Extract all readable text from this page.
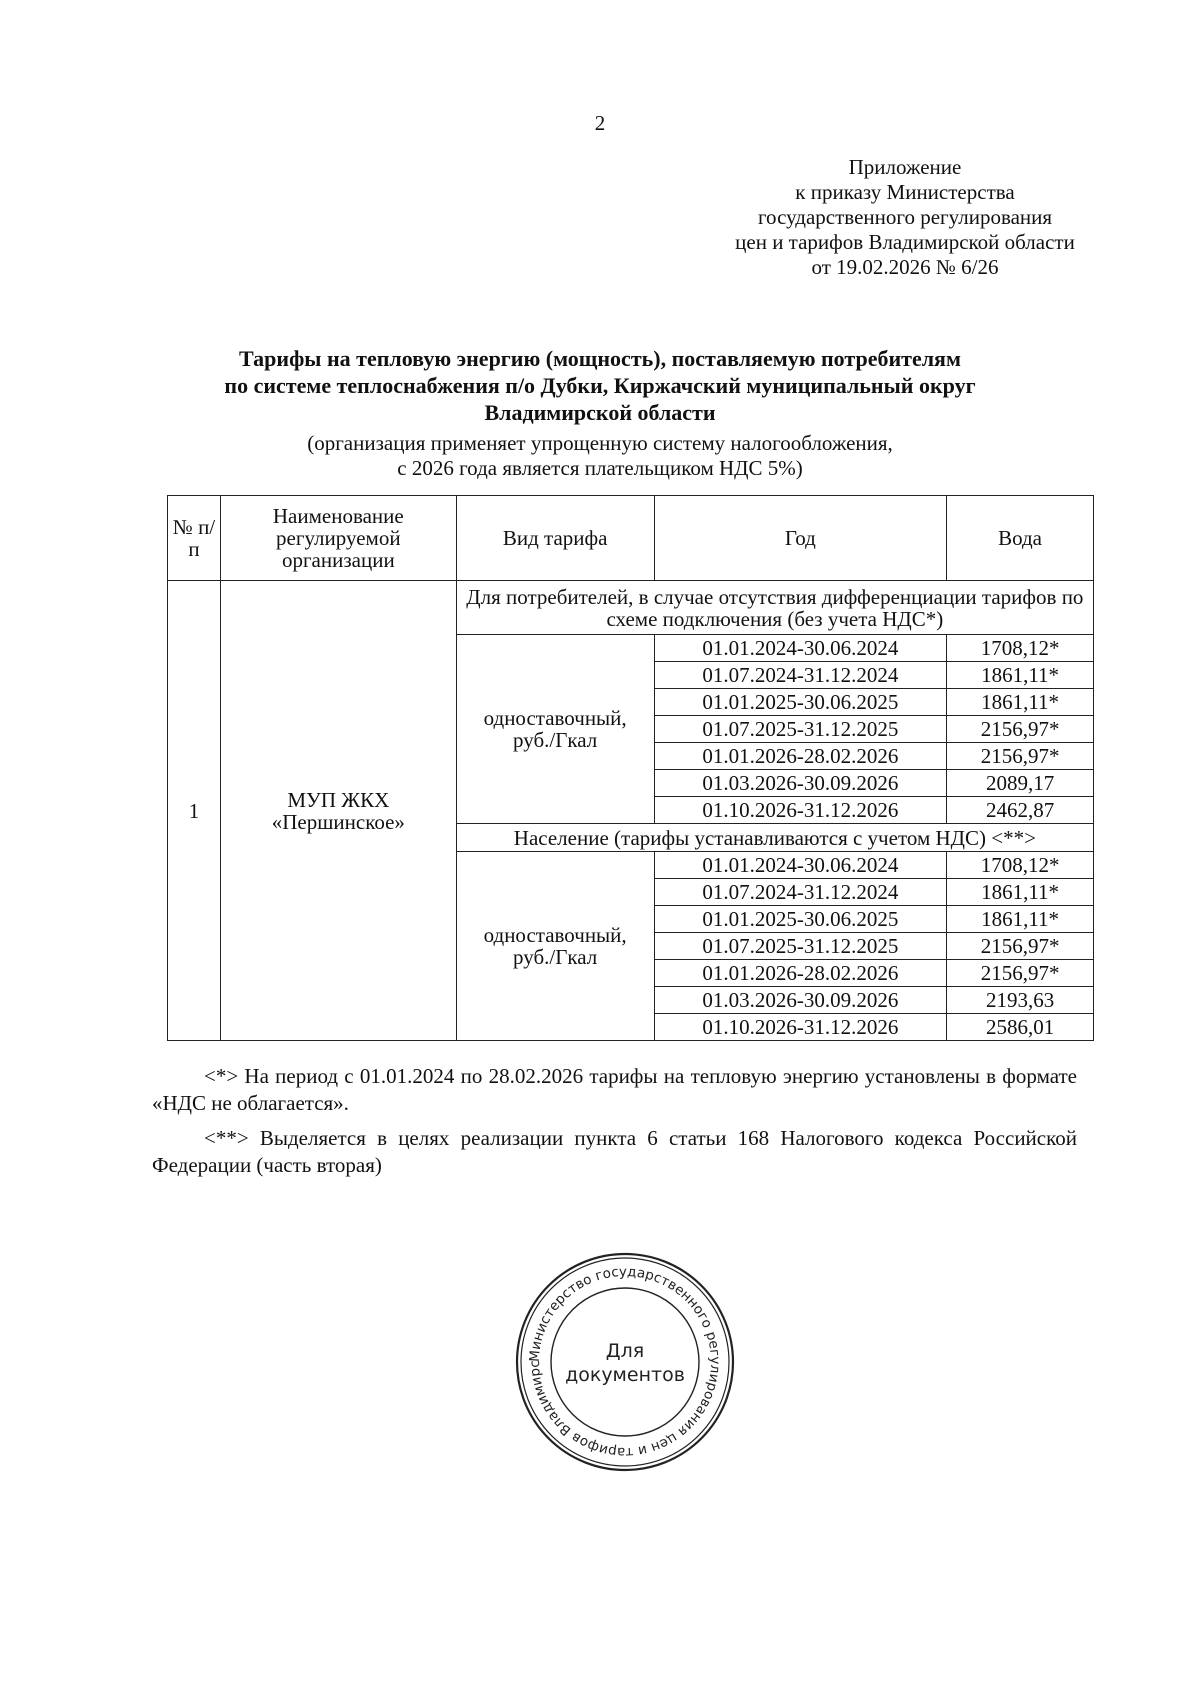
2
Приложение
к приказу Министерства
государственного регулирования
цен и тарифов Владимирской области
от 19.02.2026 № 6/26
Тарифы на тепловую энергию (мощность), поставляемую потребителям
по системе теплоснабжения п/о Дубки, Киржачский муниципальный округ
Владимирской области
(организация применяет упрощенную систему налогообложения,
с 2026 года является плательщиком НДС 5%)
№ п/п	Наименование регулируемой организации	Вид тарифа	Год	Вода
1	МУП ЖКХ «Першинское»	Для потребителей, в случае отсутствия дифференциации тарифов по схеме подключения (без учета НДС*)		
		одноставочный, руб./Гкал	01.01.2024-30.06.2024	1708,12*
			01.07.2024-31.12.2024	1861,11*
			01.01.2025-30.06.2025	1861,11*
			01.07.2025-31.12.2025	2156,97*
			01.01.2026-28.02.2026	2156,97*
			01.03.2026-30.09.2026	2089,17
			01.10.2026-31.12.2026	2462,87
		Население (тарифы устанавливаются с учетом НДС) <**>		
		одноставочный, руб./Гкал	01.01.2024-30.06.2024	1708,12*
			01.07.2024-31.12.2024	1861,11*
			01.01.2025-30.06.2025	1861,11*
			01.07.2025-31.12.2025	2156,97*
			01.01.2026-28.02.2026	2156,97*
			01.03.2026-30.09.2026	2193,63
			01.10.2026-31.12.2026	2586,01

<*> На период с 01.01.2024 по 28.02.2026 тарифы на тепловую энергию установлены в формате «НДС не облагается».

<**> Выделяется в целях реализации пункта 6 статьи 168 Налогового кодекса Российской Федерации (часть вторая)

Министерство государственного регулирования цен и тарифов Владимирс
Для
документов
